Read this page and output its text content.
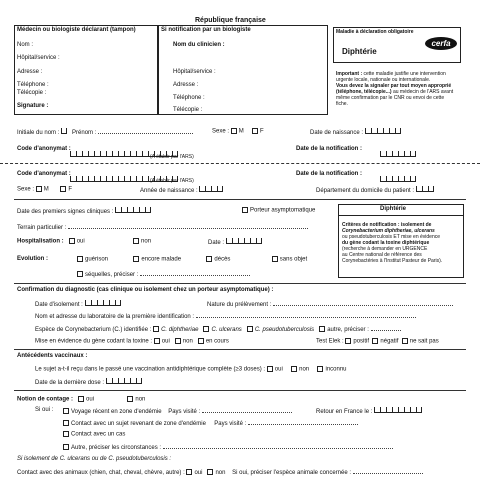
République française
Médecin ou biologiste déclarant (tampon)
Nom :
Hôpital/service :
Adresse :
Téléphone :
Télécopie :
Signature :
Si notification par un biologiste
Nom du clinicien :
Hôpital/service :
Adresse :
Téléphone :
Télécopie :
Maladie à déclaration obligatoire
cerfa
Diphtérie
Important : cette maladie justifie une intervention
urgente locale, nationale ou internationale.
Vous devez la signaler par tout moyen approprié
(téléphone, télécopie...) au médecin de l'ARS avant
même confirmation par le CNR ou envoi de cette
fiche.
Initiale du nom : Prénom :	Sexe : M	F	Date de naissance :
Code d'anonymat :
(A établir par l'ARS)
Date de la notification :
Code d'anonymat :
(A établir par l'ARS)
Date de la notification :
Sexe : M	F	Année de naissance :	Département du domicile du patient :
Date des premiers signes cliniques :	Porteur asymptomatique
Terrain particulier :
Hospitalisation : oui	non	Date :
Evolution :	guérison	encore malade	décès	sans objet
séquelles, préciser :
Diphtérie
Critères de notification : isolement de
Corynebacterium diphtheriae, ulcerans
ou pseudotuberculosis ET mise en évidence
du gène codant la toxine diphtérique
(recherche à demander en URGENCE
au Centre national de référence des
Corynebactéries à l'Institut Pasteur de Paris).
Confirmation du diagnostic (cas clinique ou isolement chez un porteur asymptomatique) :
Date d'isolement :	Nature du prélèvement :
Nom et adresse du laboratoire de la première identification :
Espèce de Corynebacterium (C.) identifiée : C. diphtheriae C. ulcerans C. pseudotuberculosis autre, préciser :
Mise en évidence du gène codant la toxine : oui non en cours	Test Elek : positif négatif ne sait pas
Antécédents vaccinaux :
Le sujet a-t-il reçu dans le passé une vaccination antidiphtérique complète (≥3 doses) : oui	non	inconnu
Date de la dernière dose :
Notion de contage : oui	non
Si oui :	Voyage récent en zone d'endémie Pays visité :	Retour en France le :
Contact avec un sujet revenant de zone d'endémie Pays visité :
Contact avec un cas
Autre, préciser les circonstances :
Si isolement de C. ulcerans ou de C. pseudotuberculosis :
Contact avec des animaux (chien, chat, cheval, chèvre, autre) : oui non Si oui, préciser l'espèce animale concernée :
